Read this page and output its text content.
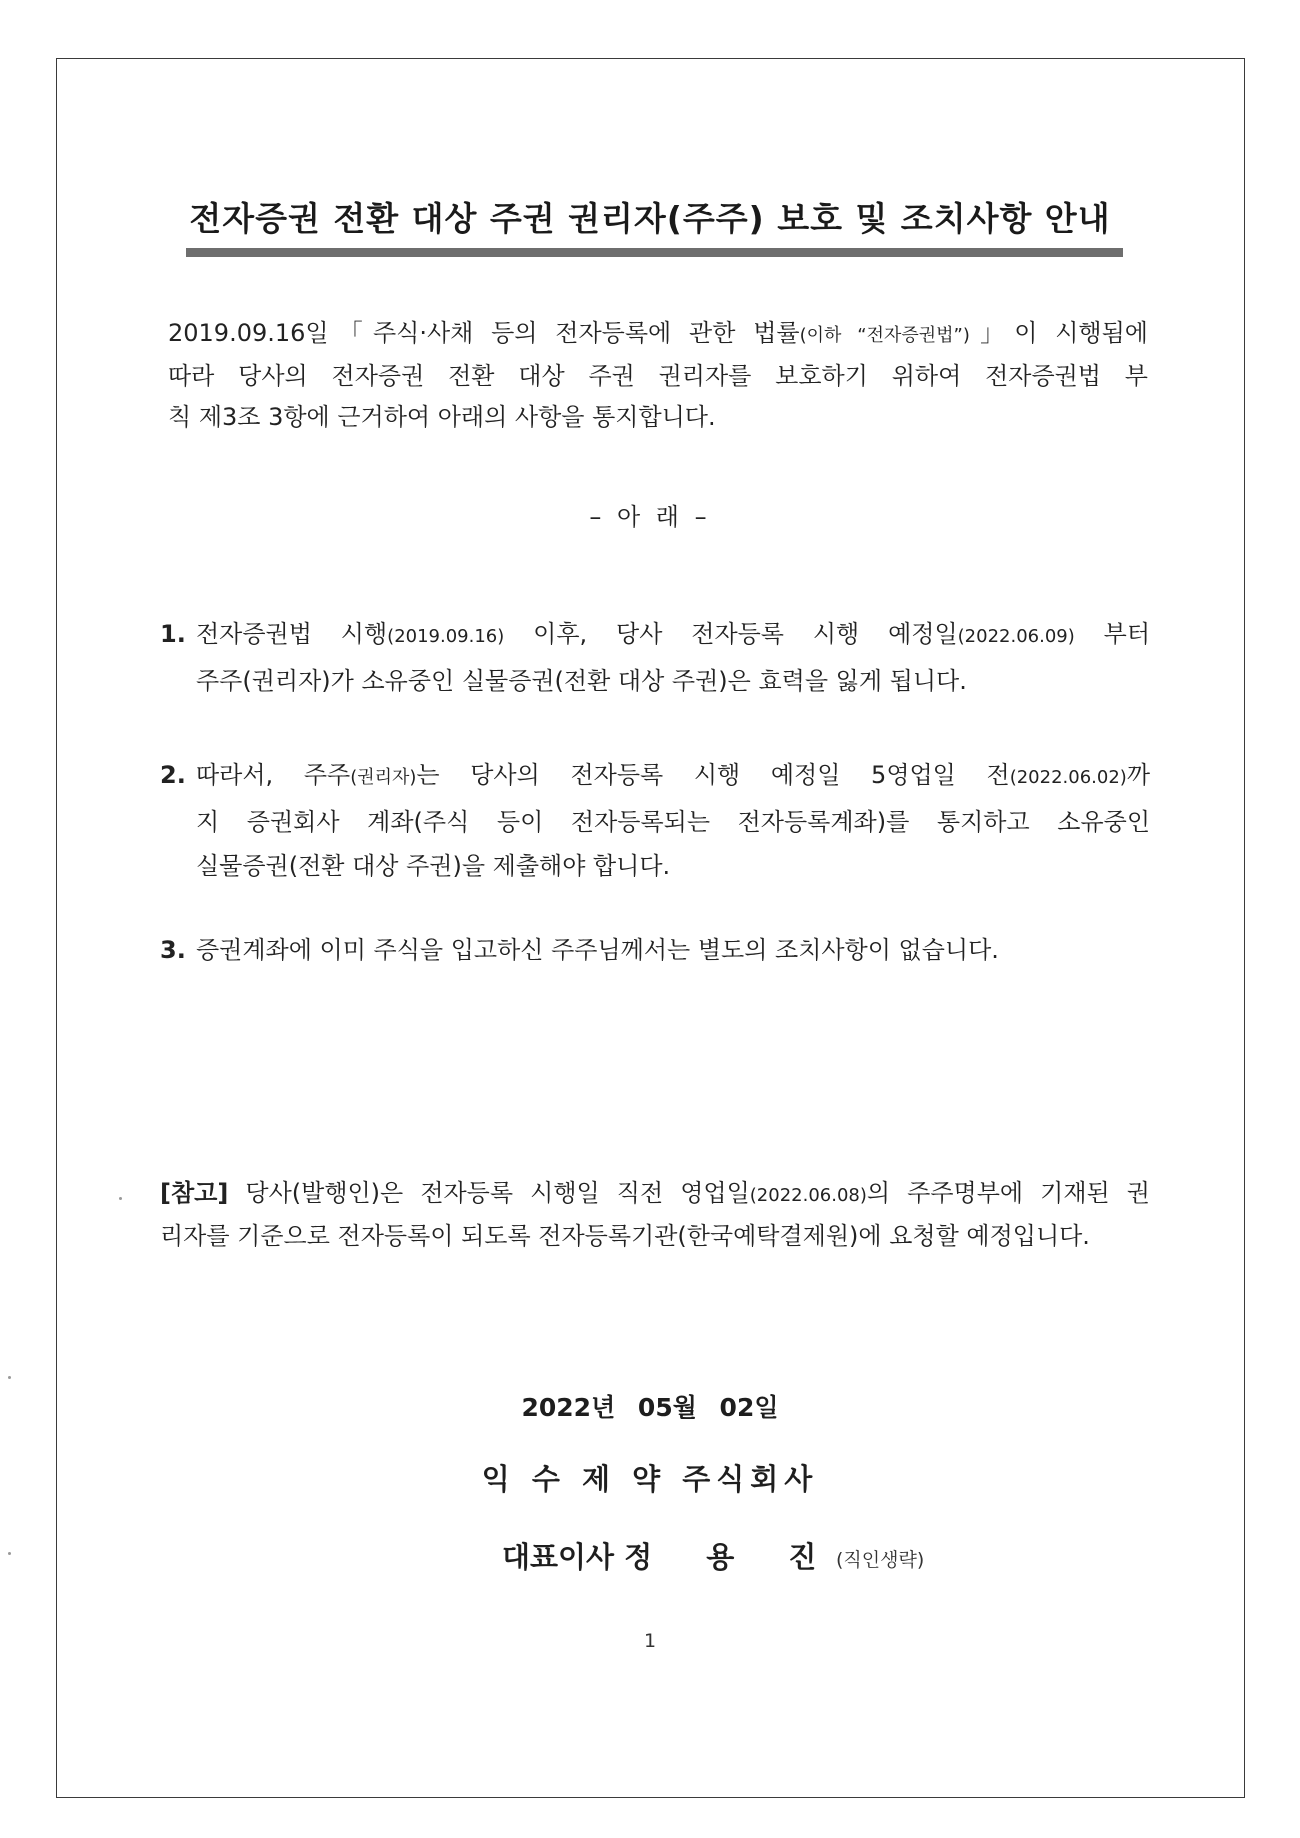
전자증권 전환 대상 주권 권리자(주주) 보호 및 조치사항 안내
2019.09.16일「주식·사채 등의 전자등록에 관한 법률(이하 “전자증권법”)」이 시행됨에
따라 당사의 전자증권 전환 대상 주권 권리자를 보호하기 위하여 전자증권법 부
칙 제3조 3항에 근거하여 아래의 사항을 통지합니다.
– 아 래 –
1. 전자증권법 시행(2019.09.16) 이후, 당사 전자등록 시행 예정일(2022.06.09) 부터
주주(권리자)가 소유중인 실물증권(전환 대상 주권)은 효력을 잃게 됩니다.
2. 따라서, 주주(권리자)는 당사의 전자등록 시행 예정일 5영업일 전(2022.06.02)까
지 증권회사 계좌(주식 등이 전자등록되는 전자등록계좌)를 통지하고 소유중인
실물증권(전환 대상 주권)을 제출해야 합니다.
3. 증권계좌에 이미 주식을 입고하신 주주님께서는 별도의 조치사항이 없습니다.
[참고] 당사(발행인)은 전자등록 시행일 직전 영업일(2022.06.08)의 주주명부에 기재된 권
리자를 기준으로 전자등록이 되도록 전자등록기관(한국예탁결제원)에 요청할 예정입니다.
2022년 05월 02일
익 수 제 약 주식회사
대표이사 정 용 진
(직인생략)
1
